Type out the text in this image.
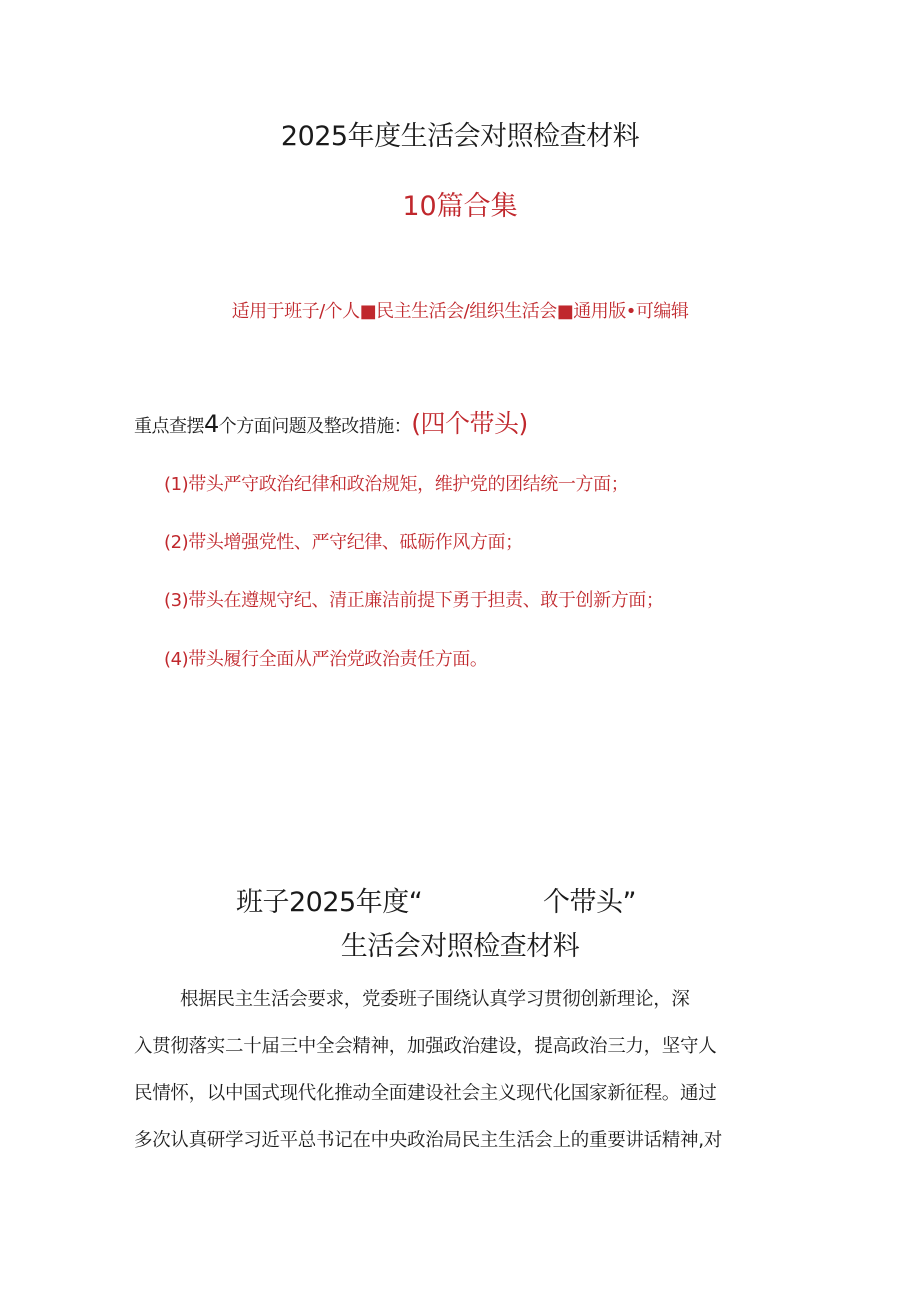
2025年度生活会对照检查材料
10篇合集
适用于班子/个人■民主生活会/组织生活会■通用版•可编辑
重点查摆4个方面问题及整改措施：(四个带头)
(1)带头严守政治纪律和政治规矩，维护党的团结统一方面；
(2)带头增强党性、严守纪律、砥砺作风方面；
(3)带头在遵规守纪、清正廉洁前提下勇于担责、敢于创新方面；
(4)带头履行全面从严治党政治责任方面。
班子2025年度“	个带头”
生活会对照检查材料
根据民主生活会要求，党委班子围绕认真学习贯彻创新理论，深
入贯彻落实二十届三中全会精神，加强政治建设，提高政治三力，坚守人
民情怀，以中国式现代化推动全面建设社会主义现代化国家新征程。通过
多次认真研学习近平总书记在中央政治局民主生活会上的重要讲话精神,对
